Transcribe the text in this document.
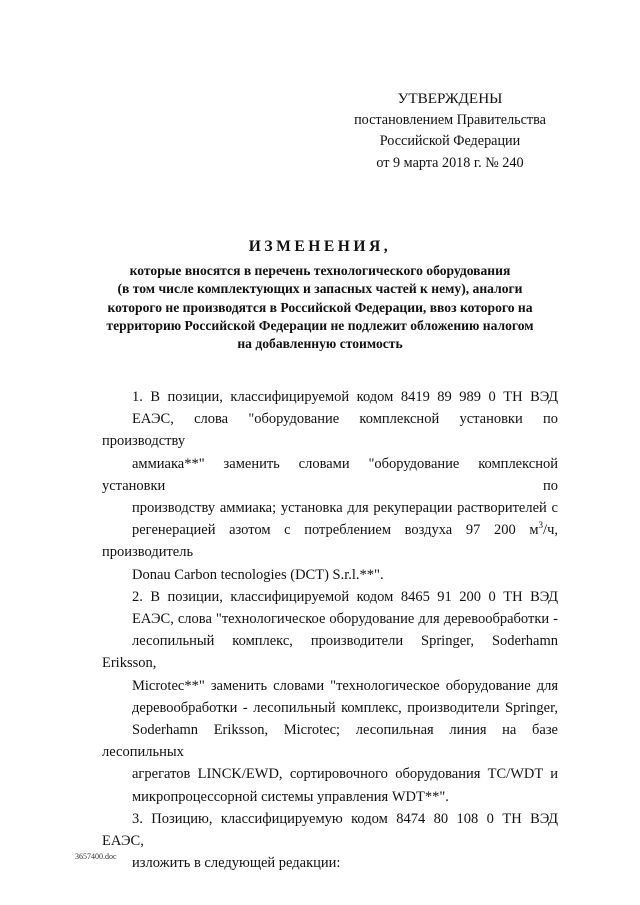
УТВЕРЖДЕНЫ
постановлением Правительства
Российской Федерации
от 9 марта 2018 г. № 240
ИЗМЕНЕНИЯ,
которые вносятся в перечень технологического оборудования
(в том числе комплектующих и запасных частей к нему), аналоги
которого не производятся в Российской Федерации, ввоз которого на
территорию Российской Федерации не подлежит обложению налогом
на добавленную стоимость

1. В позиции, классифицируемой кодом 8419 89 989 0 ТН ВЭД
ЕАЭС, слова "оборудование комплексной установки по производству
аммиака**" заменить словами "оборудование комплексной установки по
производству аммиака; установка для рекуперации растворителей с
регенерацией азотом с потреблением воздуха 97 200 $м^3/ч$, производитель
Donau Carbon tecnologies (DCT) S.r.l.**".

2. В позиции, классифицируемой кодом 8465 91 200 0 ТН ВЭД
ЕАЭС, слова "технологическое оборудование для деревообработки -
лесопильный комплекс, производители Springer, Soderhamn Eriksson,
Microtec**" заменить словами "технологическое оборудование для
деревообработки - лесопильный комплекс, производители Springer,
Soderhamn Eriksson, Microtec; лесопильная линия на базе лесопильных
агрегатов LINCK/EWD, сортировочного оборудования TC/WDT и
микропроцессорной системы управления WDT**".

3. Позицию, классифицируемую кодом 8474 80 108 0 ТН ВЭД ЕАЭС,
изложить в следующей редакции:

3657400.doc
